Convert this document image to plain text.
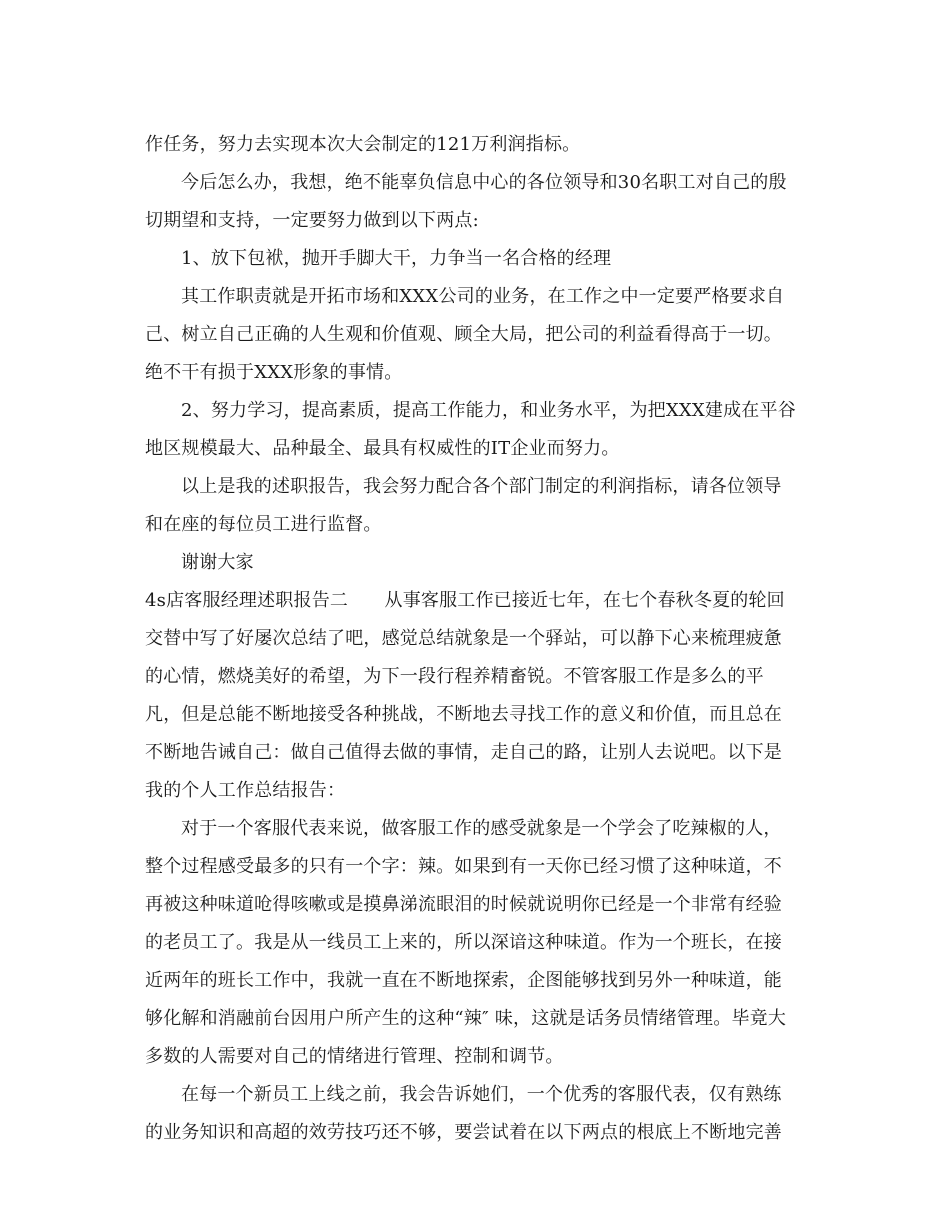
作任务，努力去实现本次大会制定的121万利润指标。
今后怎么办，我想，绝不能辜负信息中心的各位领导和30名职工对自己的殷
切期望和支持，一定要努力做到以下两点:
1、放下包袱，抛开手脚大干，力争当一名合格的经理
其工作职责就是开拓市场和XXX公司的业务，在工作之中一定要严格要求自
己、树立自己正确的人生观和价值观、顾全大局，把公司的利益看得高于一切。
绝不干有损于XXX形象的事情。
2、努力学习，提高素质，提高工作能力，和业务水平，为把XXX建成在平谷
地区规模最大、品种最全、最具有权威性的IT企业而努力。
以上是我的述职报告，我会努力配合各个部门制定的利润指标，请各位领导
和在座的每位员工进行监督。
谢谢大家
4s店客服经理述职报告二　　从事客服工作已接近七年，在七个春秋冬夏的轮回
交替中写了好屡次总结了吧，感觉总结就象是一个驿站，可以静下心来梳理疲惫
的心情，燃烧美好的希望，为下一段行程养精畜锐。不管客服工作是多么的平
凡，但是总能不断地接受各种挑战，不断地去寻找工作的意义和价值，而且总在
不断地告诫自己：做自己值得去做的事情，走自己的路，让别人去说吧。以下是
我的个人工作总结报告：
对于一个客服代表来说，做客服工作的感受就象是一个学会了吃辣椒的人，
整个过程感受最多的只有一个字：辣。如果到有一天你已经习惯了这种味道，不
再被这种味道呛得咳嗽或是摸鼻涕流眼泪的时候就说明你已经是一个非常有经验
的老员工了。我是从一线员工上来的，所以深谙这种味道。作为一个班长，在接
近两年的班长工作中，我就一直在不断地探索，企图能够找到另外一种味道，能
够化解和消融前台因用户所产生的这种“辣″ 味，这就是话务员情绪管理。毕竟大
多数的人需要对自己的情绪进行管理、控制和调节。
在每一个新员工上线之前，我会告诉她们，一个优秀的客服代表，仅有熟练
的业务知识和高超的效劳技巧还不够，要尝试着在以下两点的根底上不断地完善
